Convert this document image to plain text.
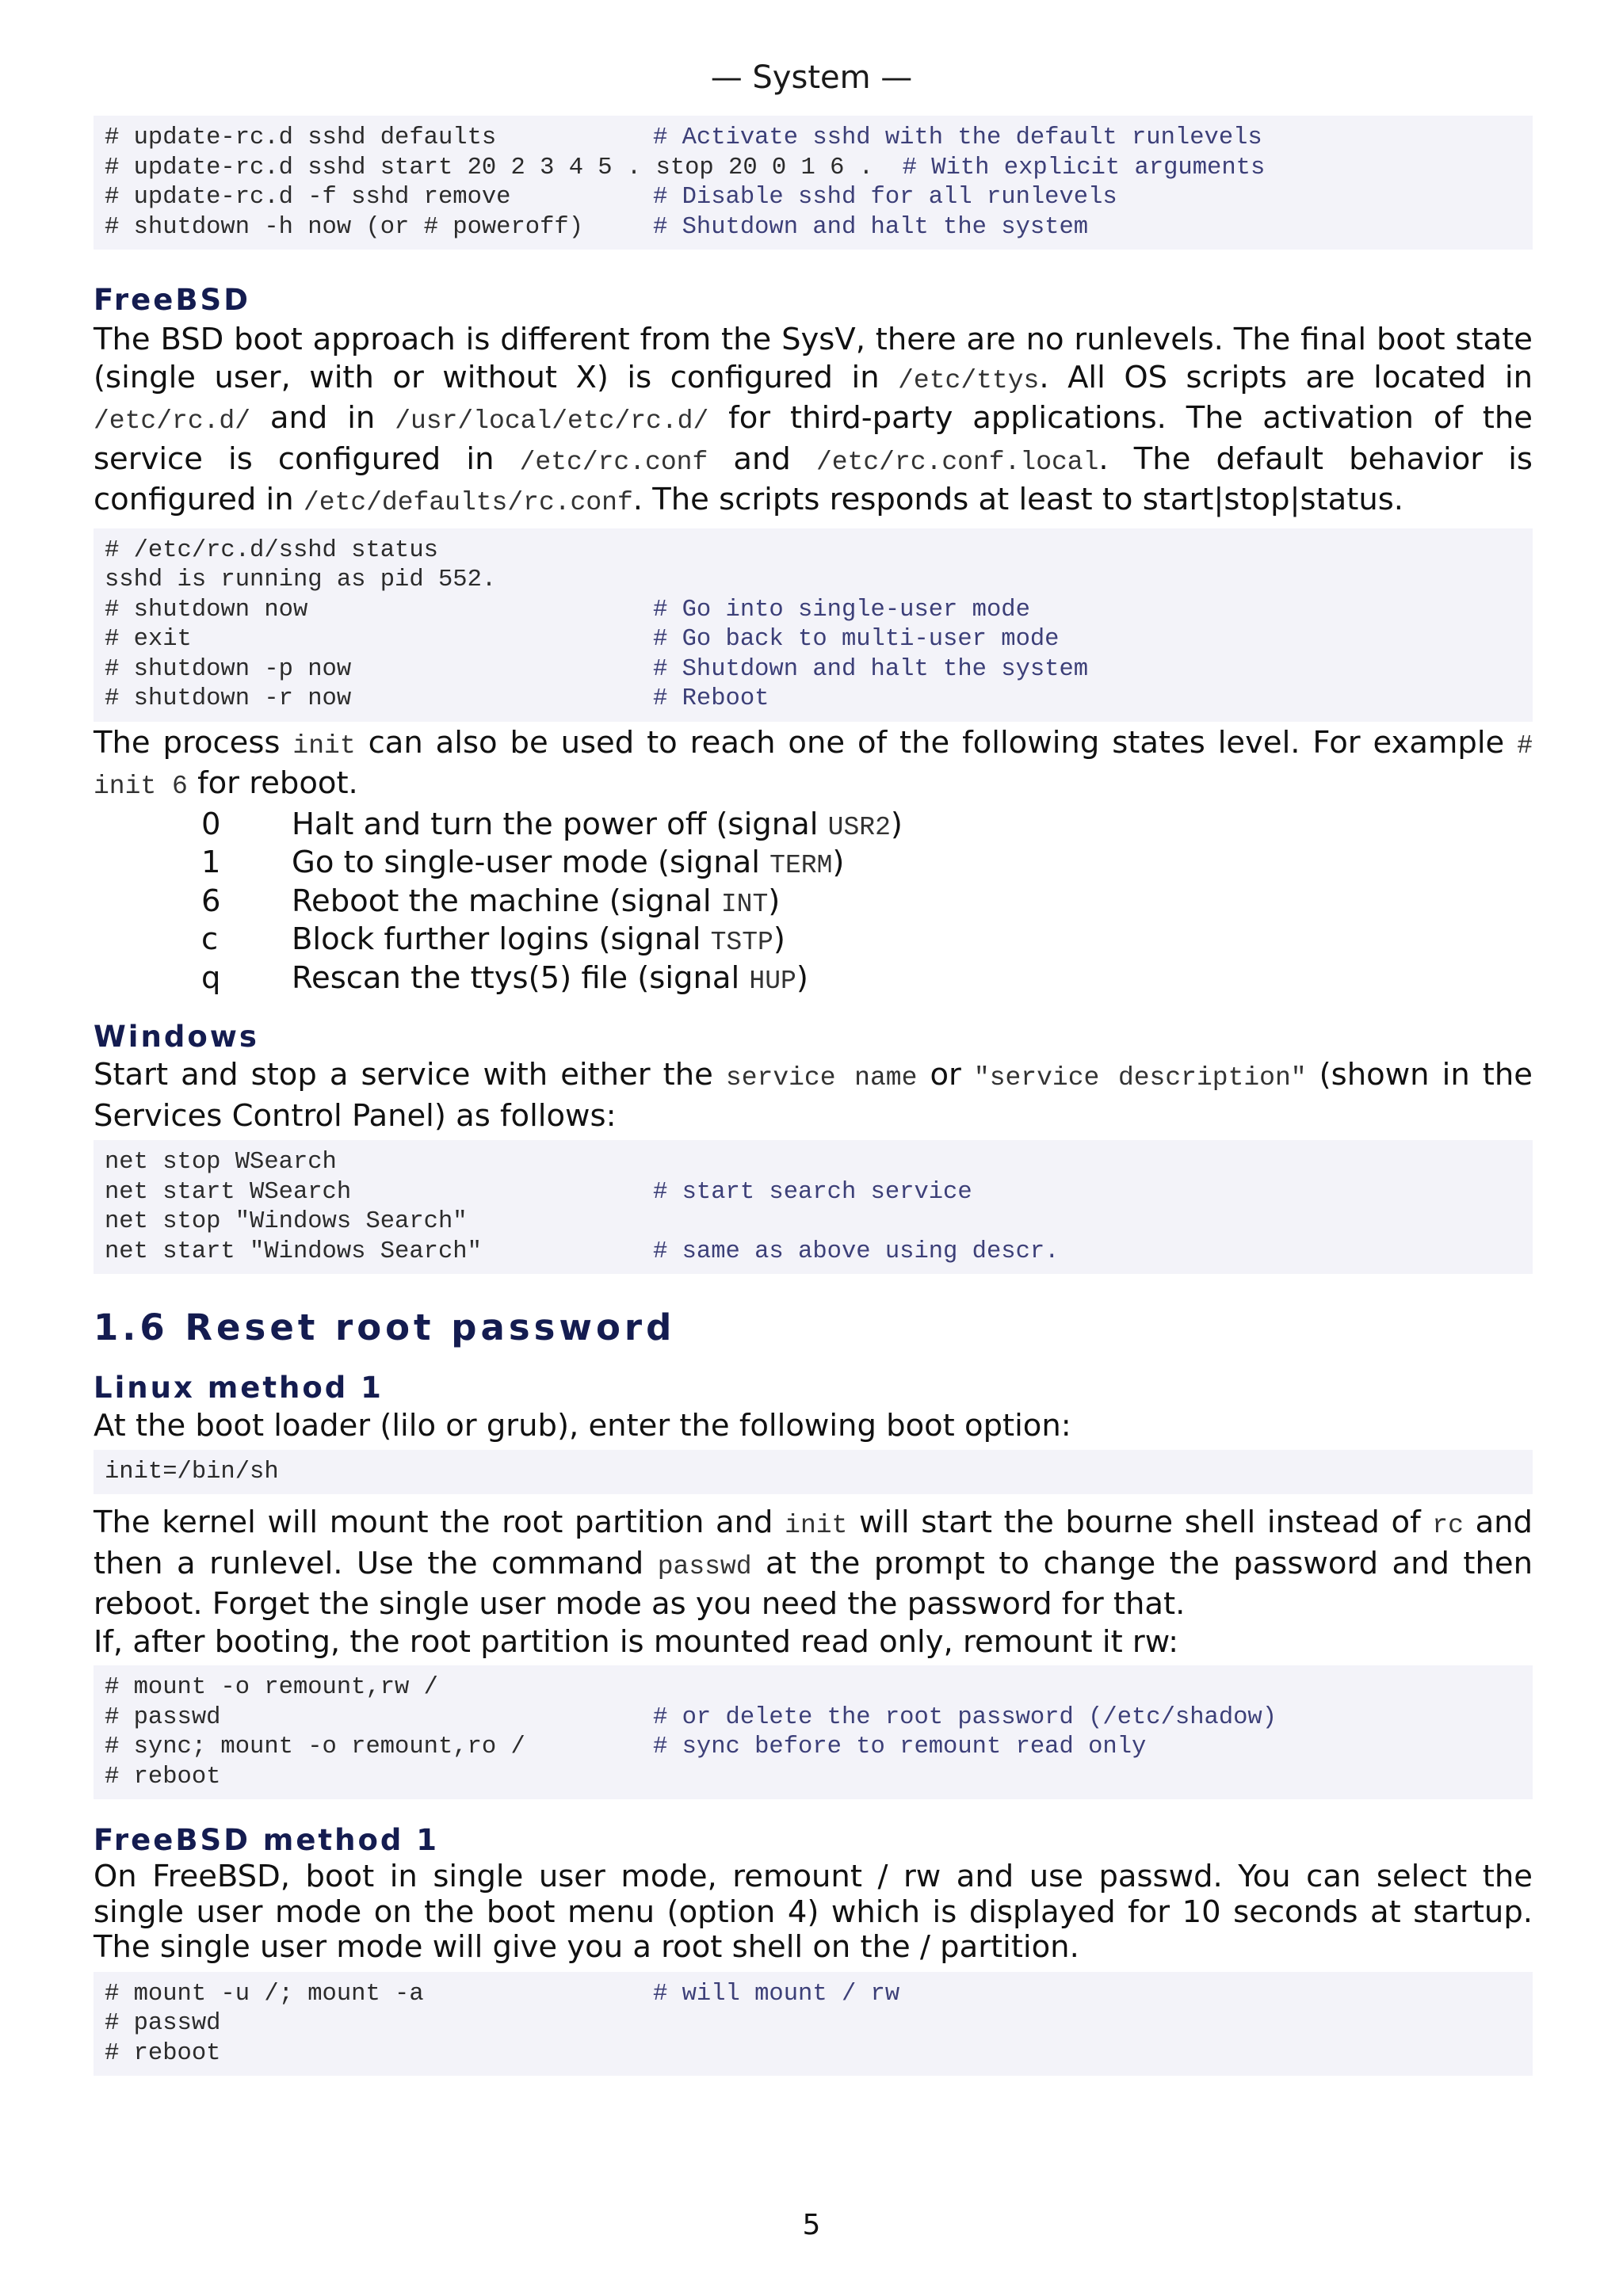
— System —
# update-rc.d sshd defaults	# Activate sshd with the default runlevels
# update-rc.d sshd start 20 2 3 4 5 . stop 20 0 1 6 . # With explicit arguments
# update-rc.d -f sshd remove	# Disable sshd for all runlevels
# shutdown -h now (or # poweroff)	# Shutdown and halt the system
FreeBSD

The BSD boot approach is different from the SysV, there are no runlevels. The final boot state (single user, with or without X) is configured in /etc/ttys. All OS scripts are located in /etc/rc.d/ and in /usr/local/etc/rc.d/ for third-party applications. The activation of the service is configured in /etc/rc.conf and /etc/rc.conf.local. The default behavior is configured in /etc/defaults/rc.conf. The scripts responds at least to start|stop|status.

# /etc/rc.d/sshd status
sshd is running as pid 552.
# shutdown now	# Go into single-user mode
# exit	# Go back to multi-user mode
# shutdown -p now	# Shutdown and halt the system
# shutdown -r now	# Reboot

The process init can also be used to reach one of the following states level. For example # init 6 for reboot.

0 Halt and turn the power off (signal USR2)
1 Go to single-user mode (signal TERM)
6 Reboot the machine (signal INT)
c Block further logins (signal TSTP)
q Rescan the ttys(5) file (signal HUP)
Windows

Start and stop a service with either the service name or "service description" (shown in the Services Control Panel) as follows:

net stop WSearch
net start WSearch	# start search service
net stop "Windows Search"
net start "Windows Search"	# same as above using descr.
1.6 Reset root password
Linux method 1

At the boot loader (lilo or grub), enter the following boot option:

init=/bin/sh

The kernel will mount the root partition and init will start the bourne shell instead of rc and then a runlevel. Use the command passwd at the prompt to change the password and then reboot. Forget the single user mode as you need the password for that.

If, after booting, the root partition is mounted read only, remount it rw:

# mount -o remount,rw /
# passwd	# or delete the root password (/etc/shadow)
# sync; mount -o remount,ro /	# sync before to remount read only
# reboot
FreeBSD method 1

On FreeBSD, boot in single user mode, remount / rw and use passwd. You can select the single user mode on the boot menu (option 4) which is displayed for 10 seconds at startup. The single user mode will give you a root shell on the / partition.

# mount -u /; mount -a	# will mount / rw
# passwd
# reboot
5
